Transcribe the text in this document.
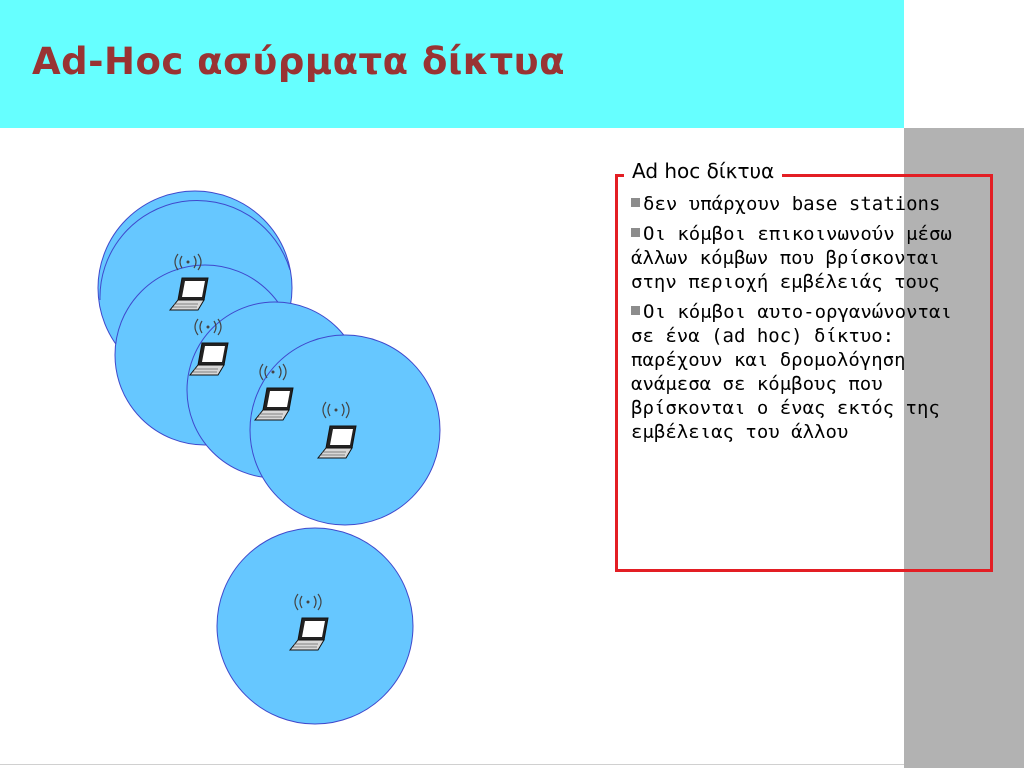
Ad-Hoc ασύρματα δίκτυα
Ad hoc δίκτυα
δεν υπάρχουν base stations
Οι κόμβοι επικοινωνούν μέσω άλλων κόμβων που βρίσκονται στην περιοχή εμβέλειάς τους
Οι κόμβοι αυτο-οργανώνονται σε ένα (ad hoc) δίκτυο: παρέχουν και δρομολόγηση ανάμεσα σε κόμβους που βρίσκονται ο ένας εκτός της εμβέλειας του άλλου
